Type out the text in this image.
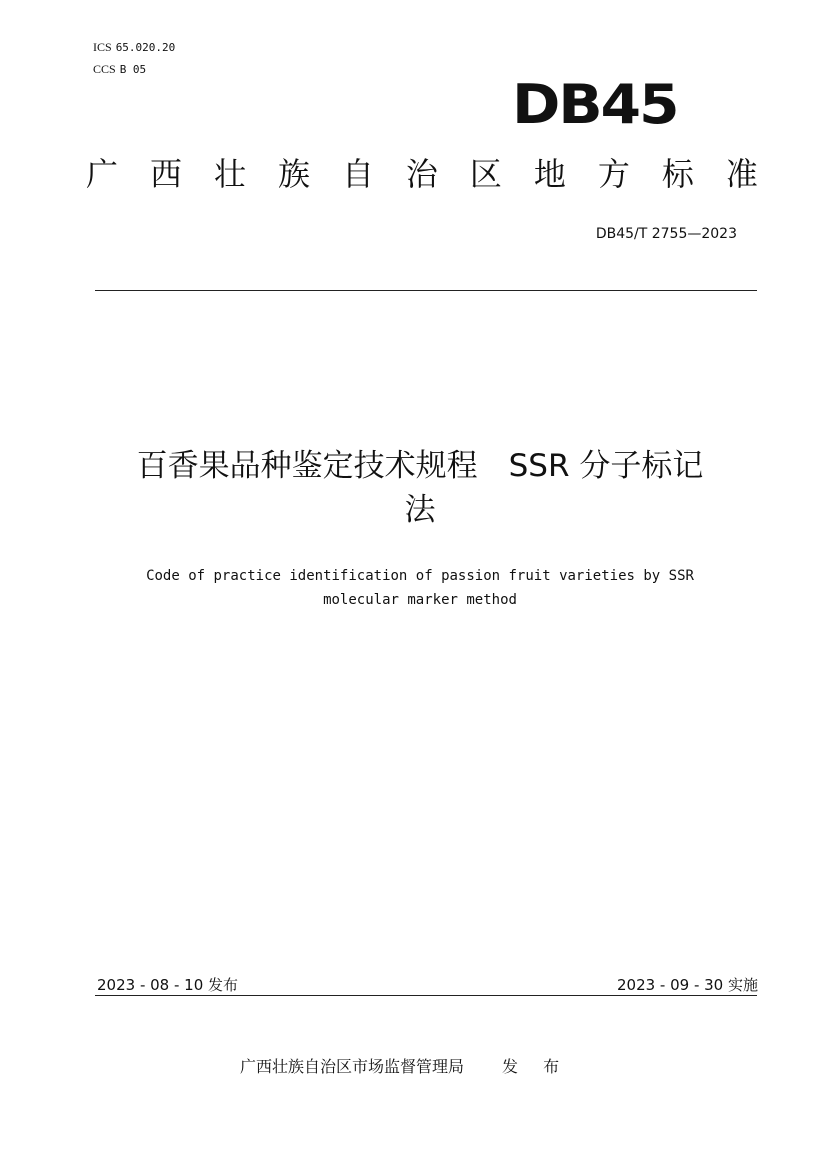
ICS 65.020.20
CCS B 05
DB45
广 西 壮 族 自 治 区 地 方 标 准
DB45/T 2755—2023
百香果品种鉴定技术规程　SSR 分子标记
法
Code of practice identification of passion fruit varieties by SSR
molecular marker method
2023 - 08 - 10 发布	2023 - 09 - 30 实施
广西壮族自治区市场监督管理局 发 布
